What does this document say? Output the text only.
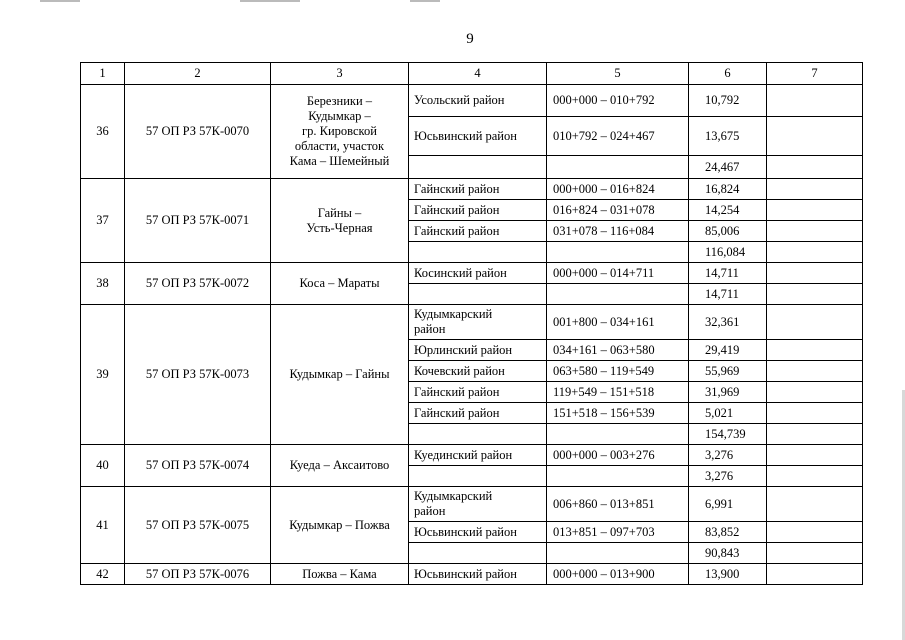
9
1	2	3	4	5	6	7
36	57 ОП РЗ 57К-0070	Березники –
Кудымкар –
гр. Кировской
области, участок
Кама – Шемейный	Усольский район	000+000 – 010+792	10,792	
			Юсьвинский район	010+792 – 024+467	13,675	
					24,467	
37	57 ОП РЗ 57К-0071	Гайны –
Усть-Черная	Гайнский район	000+000 – 016+824	16,824	
			Гайнский район	016+824 – 031+078	14,254	
			Гайнский район	031+078 – 116+084	85,006	
					116,084	
38	57 ОП РЗ 57К-0072	Коса – Мараты	Косинский район	000+000 – 014+711	14,711	
					14,711	
39	57 ОП РЗ 57К-0073	Кудымкар – Гайны	Кудымкарский
район	001+800 – 034+161	32,361	
			Юрлинский район	034+161 – 063+580	29,419	
			Кочевский район	063+580 – 119+549	55,969	
			Гайнский район	119+549 – 151+518	31,969	
			Гайнский район	151+518 – 156+539	5,021	
					154,739	
40	57 ОП РЗ 57К-0074	Куеда – Аксаитово	Куединский район	000+000 – 003+276	3,276	
					3,276	
41	57 ОП РЗ 57К-0075	Кудымкар – Пожва	Кудымкарский
район	006+860 – 013+851	6,991	
			Юсьвинский район	013+851 – 097+703	83,852	
					90,843	
42	57 ОП РЗ 57К-0076	Пожва – Кама	Юсьвинский район	000+000 – 013+900	13,900	
